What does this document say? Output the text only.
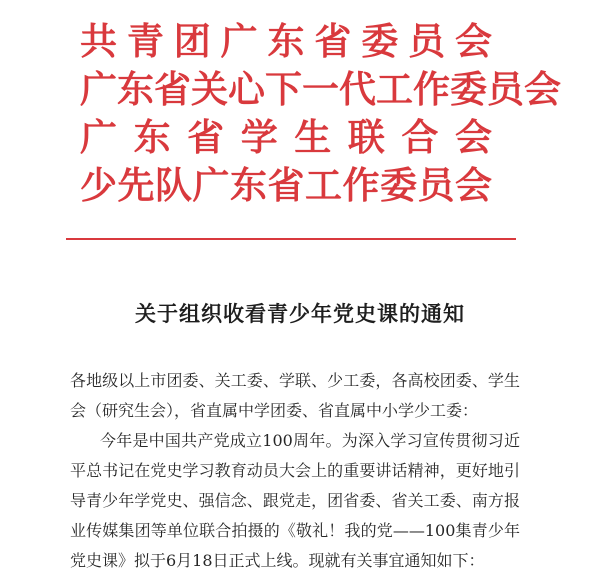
共青团广东省委员会
广东省关心下一代工作委员会
广东省学生联合会
少先队广东省工作委员会
关于组织收看青少年党史课的通知
各地级以上市团委、关工委、学联、少工委，各高校团委、学生
会（研究生会），省直属中学团委、省直属中小学少工委：
今年是中国共产党成立100周年。为深入学习宣传贯彻习近
平总书记在党史学习教育动员大会上的重要讲话精神，更好地引
导青少年学党史、强信念、跟党走，团省委、省关工委、南方报
业传媒集团等单位联合拍摄的《敬礼！我的党——100集青少年
党史课》拟于6月18日正式上线。现就有关事宜通知如下：
